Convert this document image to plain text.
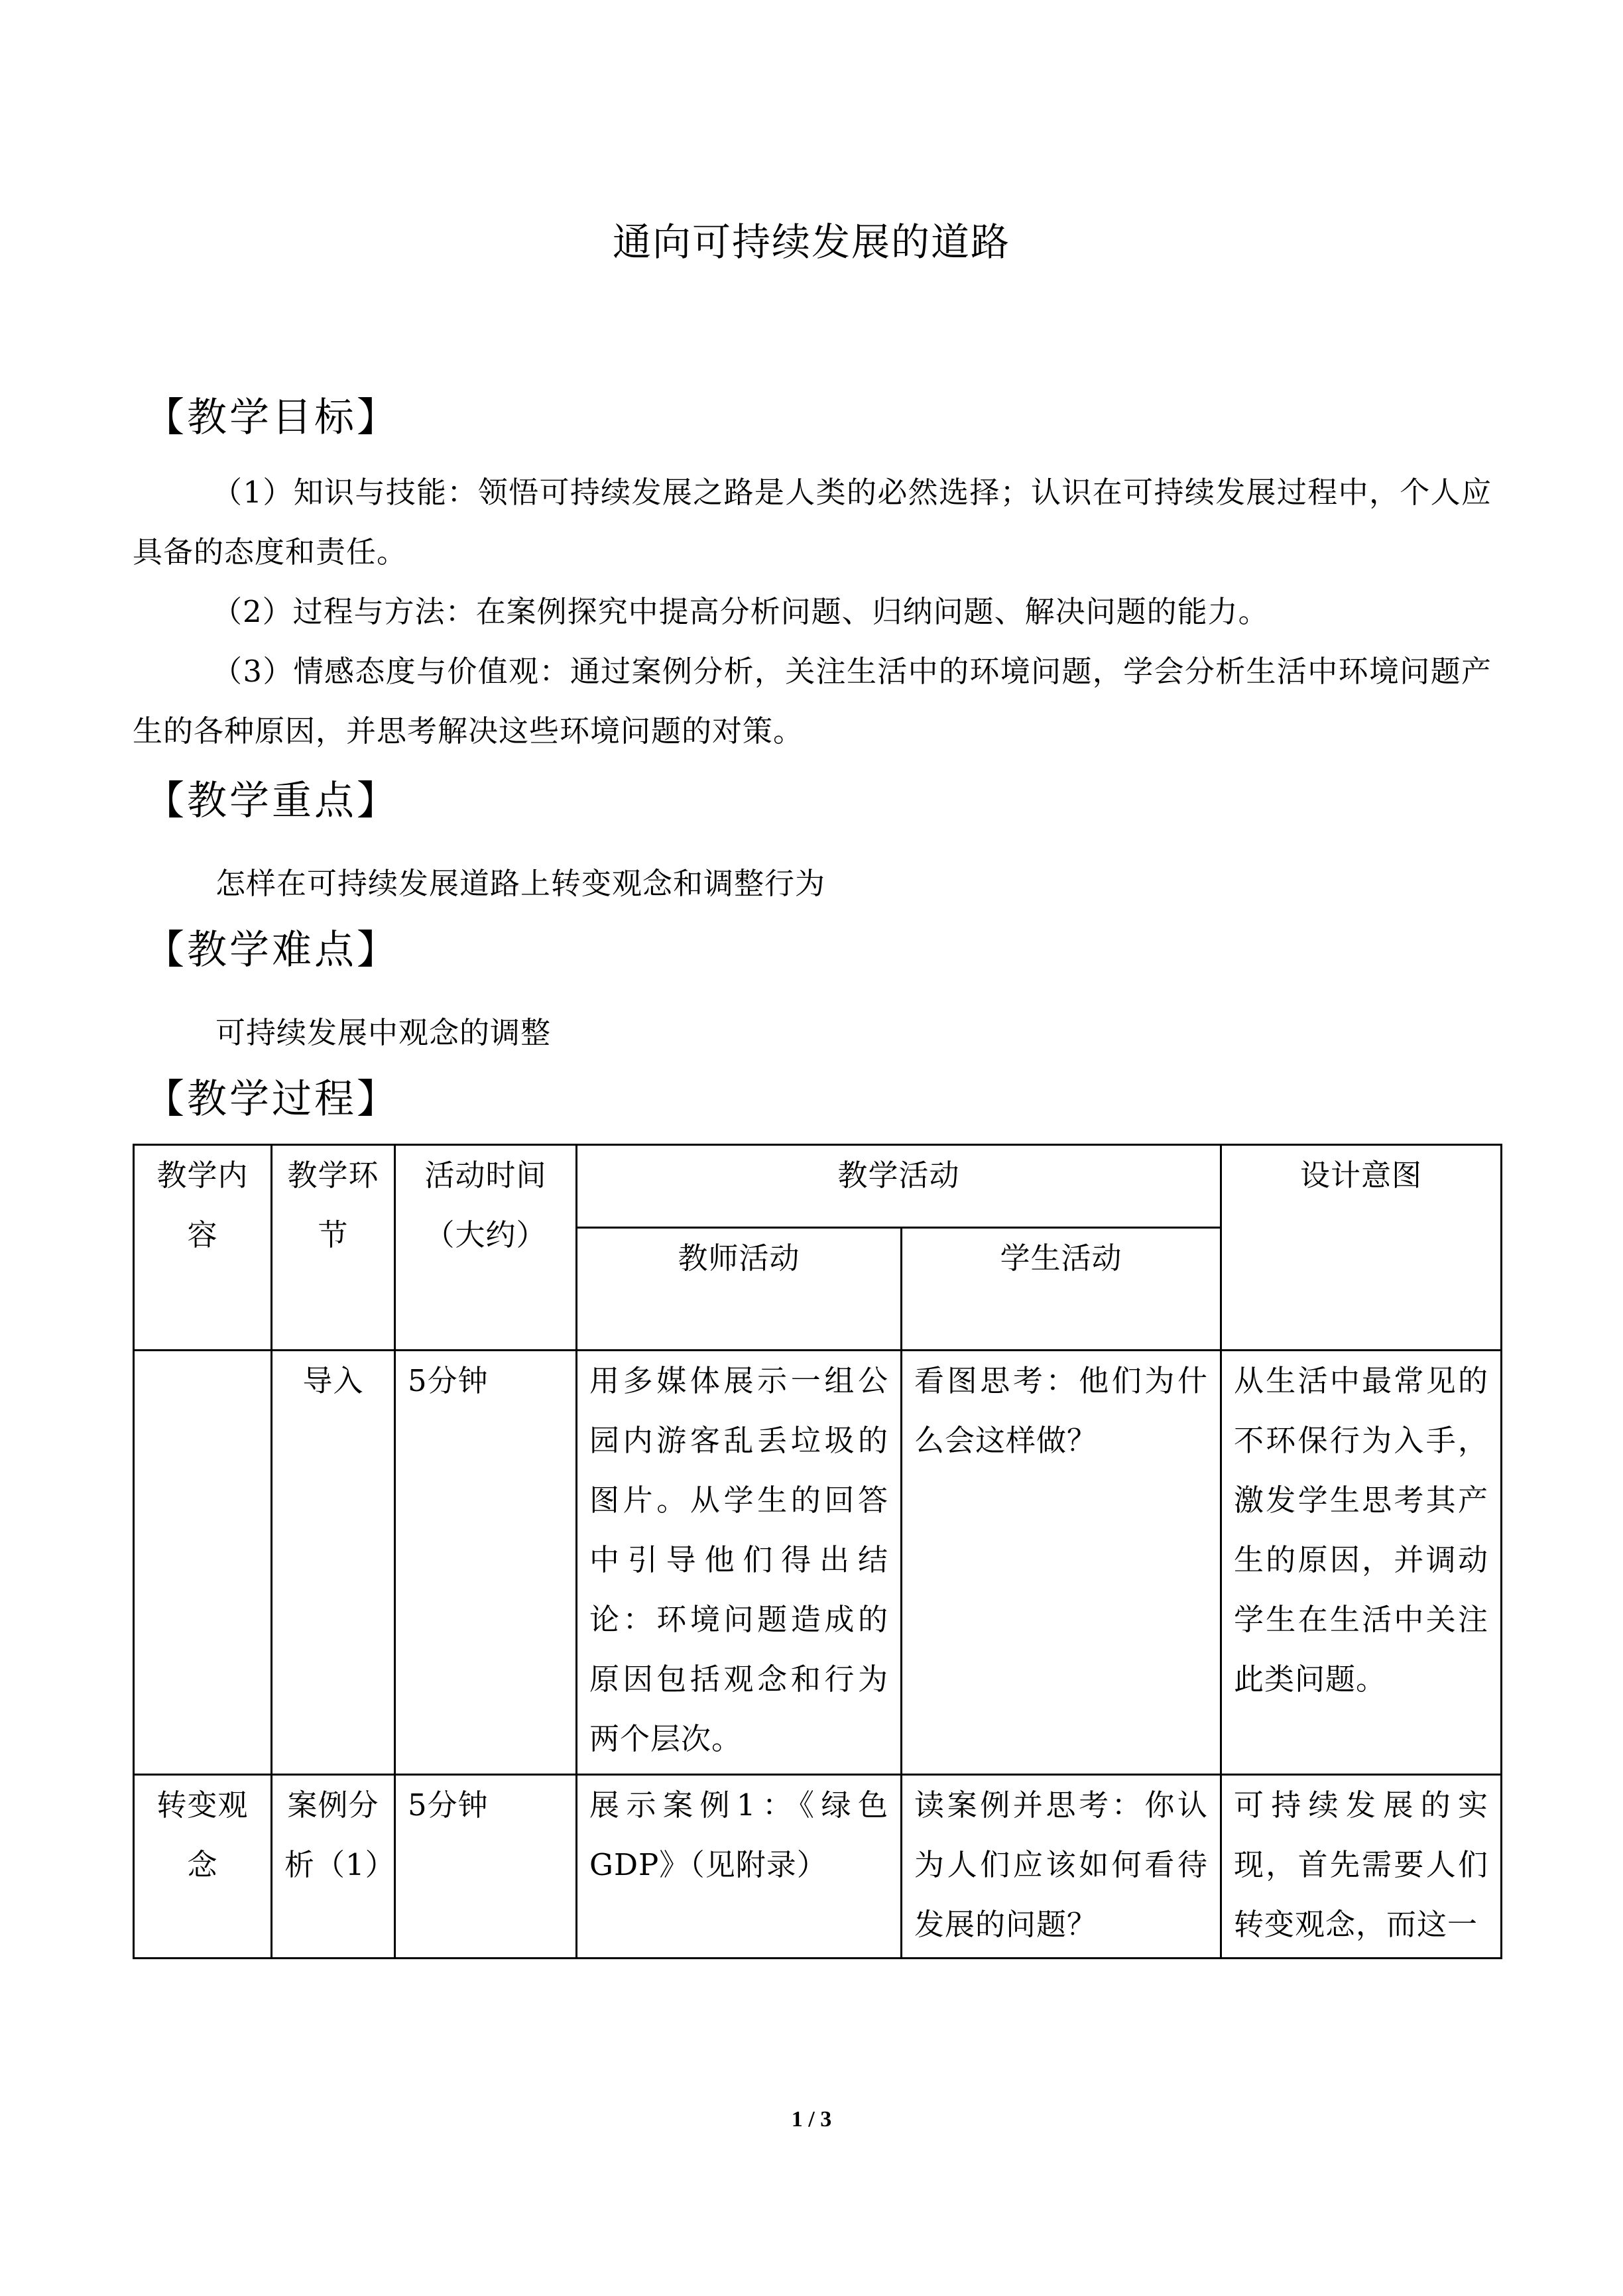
通向可持续发展的道路
【教学目标】

（1）知识与技能：领悟可持续发展之路是人类的必然选择；认识在可持续发展过程中，个人应具备的态度和责任。

（2）过程与方法：在案例探究中提高分析问题、归纳问题、解决问题的能力。

（3）情感态度与价值观：通过案例分析，关注生活中的环境问题，学会分析生活中环境问题产生的各种原因，并思考解决这些环境问题的对策。

【教学重点】

怎样在可持续发展道路上转变观念和调整行为

【教学难点】

可持续发展中观念的调整

【教学过程】
教学内容	教学环节	活动时间（大约）	教学活动		设计意图
			教师活动	学生活动	
	导入	5分钟	用多媒体展示一组公园内游客乱丢垃圾的图片。从学生的回答中引导他们得出结论：环境问题造成的原因包括观念和行为两个层次。	看图思考：他们为什么会这样做？	从生活中最常见的不环保行为入手，激发学生思考其产生的原因，并调动学生在生活中关注此类问题。
转变观念	案例分析（1）	5分钟	展示案例1：《绿色GDP》（见附录）	读案例并思考：你认为人们应该如何看待发展的问题？	可持续发展的实现，首先需要人们转变观念，而这一
1 / 3
